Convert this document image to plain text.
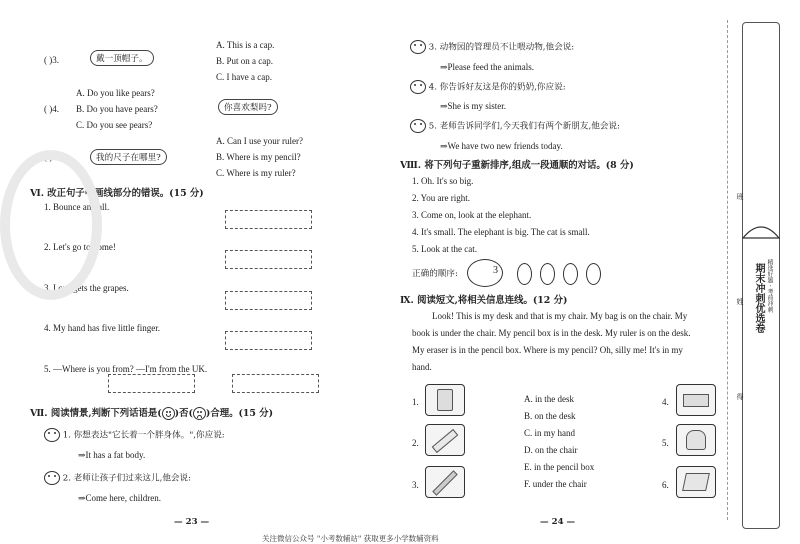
( )3.	戴一顶帽子。
A. This is a cap.
B. Put on a cap.
C. I have a cap.
A. Do you like pears?
( )4. B. Do you have pears?
C. Do you see pears?
你喜欢梨吗?
A. Can I use your ruler?
( )5.	我的尺子在哪里?	B. Where is my pencil?
C. Where is my ruler?
Ⅵ. 改正句子中画线部分的错误。(15 分)
1. Bounce an ball.
2. Let's go to home!
3. I can gets the grapes.
4. My hand has five little finger.
5. —Where is you from? —I'm from the UK.
Ⅶ. 阅读情景,判断下列话语是( )否( )合理。(15 分)
1. 你想表达"它长着一个胖身体。",你应说:
⇒It has a fat body.
2. 老师让孩子们过来这儿,他会说:
⇒Come here, children.
— 23 —
3. 动物园的管理员不让喂动物,他会说:
⇒Please feed the animals.
4. 你告诉好友这是你的奶奶,你应说:
⇒She is my sister.
5. 老师告诉同学们,今天我们有两个新朋友,他会说:
⇒We have two new friends today.
Ⅷ. 将下列句子重新排序,组成一段通顺的对话。(8 分)
1. Oh. It's so big.
2. You are right.
3. Come on, look at the elephant.
4. It's small. The elephant is big. The cat is small.
5. Look at the cat.
正确的顺序:	3
Ⅸ. 阅读短文,将相关信息连线。(12 分)
Look! This is my desk and that is my chair. My bag is on the chair. My
book is under the chair. My pencil box is in the desk. My ruler is on the desk.
My eraser is in the pencil box. Where is my pencil? Oh, silly me! It's in my
hand.
1.
2.
3.
A. in the desk
B. on the desk
C. in my hand
D. on the chair
E. in the pencil box
F. under the chair
4.
5.
6.
— 24 —
关注微信公众号 "小考数辅站" 获取更多小学数辅资料
期末冲刺优选卷 精选好题 · 考前冲刺
班
姓
得
